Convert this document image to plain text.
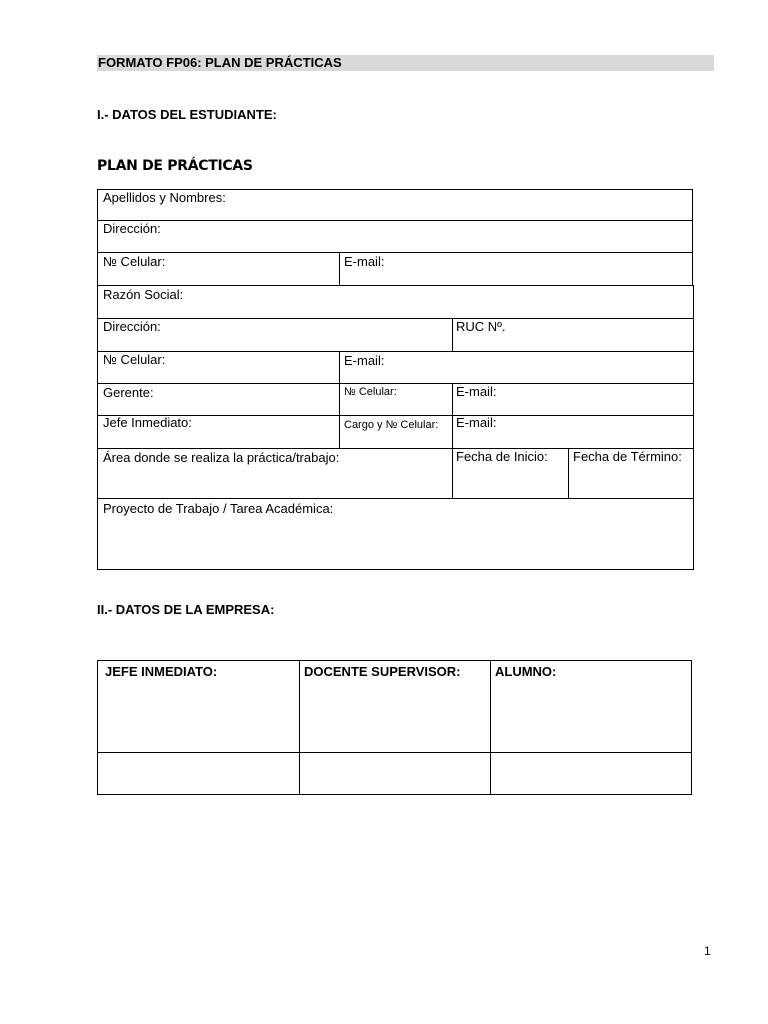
FORMATO FP06: PLAN DE PRÁCTICAS
I.- DATOS DEL ESTUDIANTE:
PLAN DE PRÁCTICAS
Apellidos y Nombres:
Dirección:
№ Celular:	E-mail:
Razón Social:
Dirección:	RUC Nº.
№ Celular:	E-mail:
Gerente:	№ Celular:	E-mail:
Jefe Inmediato:	Cargo y № Celular: E-mail:
Área donde se realiza la práctica/trabajo:	Fecha de Inicio: Fecha de Término:
Proyecto de Trabajo / Tarea Académica:
II.- DATOS DE LA EMPRESA:
JEFE INMEDIATO:	DOCENTE SUPERVISOR:	ALUMNO:
1
